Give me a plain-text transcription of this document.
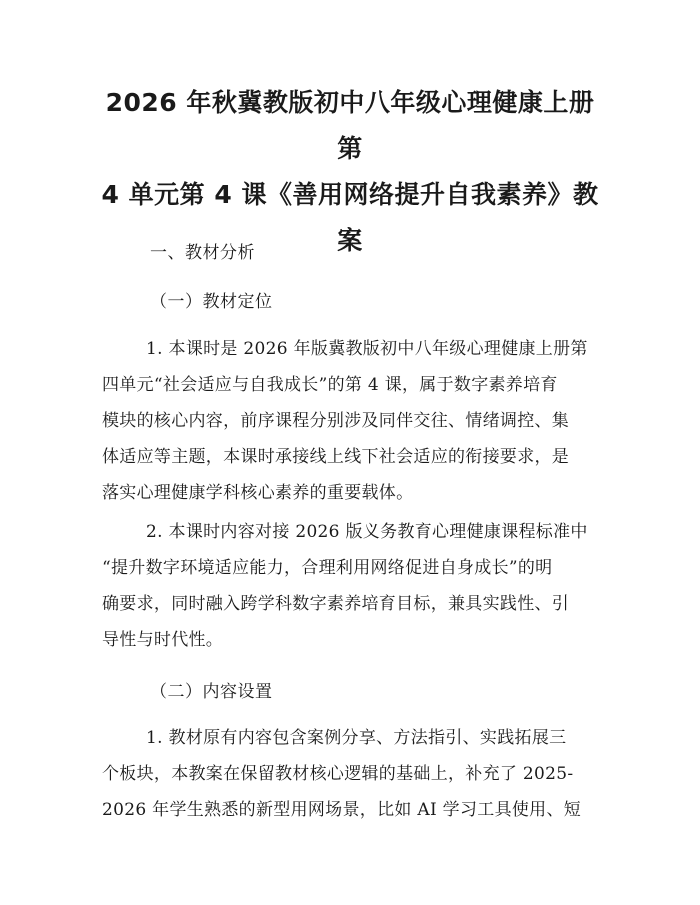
2026 年秋冀教版初中八年级心理健康上册第
4 单元第 4 课《善用网络提升自我素养》教
案

一、教材分析

（一）教材定位

1. 本课时是 2026 年版冀教版初中八年级心理健康上册第
四单元“社会适应与自我成长”的第 4 课，属于数字素养培育
模块的核心内容，前序课程分别涉及同伴交往、情绪调控、集
体适应等主题，本课时承接线上线下社会适应的衔接要求，是
落实心理健康学科核心素养的重要载体。
2. 本课时内容对接 2026 版义务教育心理健康课程标准中
“提升数字环境适应能力，合理利用网络促进自身成长”的明
确要求，同时融入跨学科数字素养培育目标，兼具实践性、引
导性与时代性。

（二）内容设置

1. 教材原有内容包含案例分享、方法指引、实践拓展三
个板块，本教案在保留教材核心逻辑的基础上，补充了 2025-
2026 年学生熟悉的新型用网场景，比如 AI 学习工具使用、短
